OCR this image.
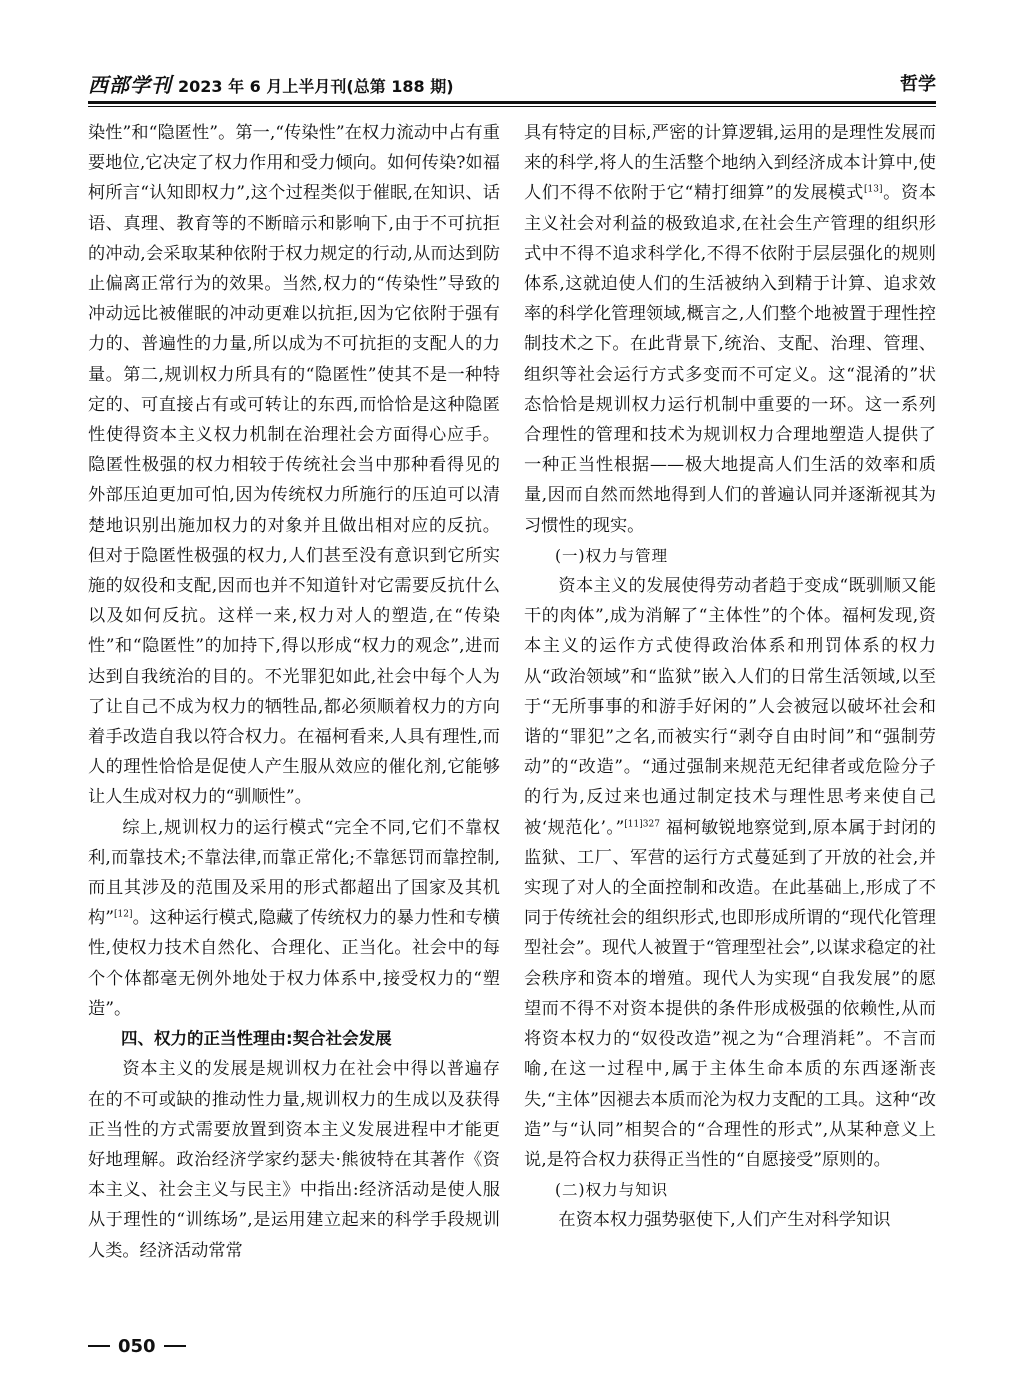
西部学刊 2023 年 6 月上半月刊(总第 188 期)	哲学

染性”和“隐匿性”。第一,“传染性”在权力流动中占有重要地位,它决定了权力作用和受力倾向。如何传染?如福柯所言“认知即权力”,这个过程类似于催眠,在知识、话语、真理、教育等的不断暗示和影响下,由于不可抗拒的冲动,会采取某种依附于权力规定的行动,从而达到防止偏离正常行为的效果。当然,权力的“传染性”导致的冲动远比被催眠的冲动更难以抗拒,因为它依附于强有力的、普遍性的力量,所以成为不可抗拒的支配人的力量。第二,规训权力所具有的“隐匿性”使其不是一种特定的、可直接占有或可转让的东西,而恰恰是这种隐匿性使得资本主义权力机制在治理社会方面得心应手。隐匿性极强的权力相较于传统社会当中那种看得见的外部压迫更加可怕,因为传统权力所施行的压迫可以清楚地识别出施加权力的对象并且做出相对应的反抗。但对于隐匿性极强的权力,人们甚至没有意识到它所实施的奴役和支配,因而也并不知道针对它需要反抗什么以及如何反抗。这样一来,权力对人的塑造,在“传染性”和“隐匿性”的加持下,得以形成“权力的观念”,进而达到自我统治的目的。不光罪犯如此,社会中每个人为了让自己不成为权力的牺牲品,都必须顺着权力的方向着手改造自我以符合权力。在福柯看来,人具有理性,而人的理性恰恰是促使人产生服从效应的催化剂,它能够让人生成对权力的“驯顺性”。

综上,规训权力的运行模式“完全不同,它们不靠权利,而靠技术;不靠法律,而靠正常化;不靠惩罚而靠控制,而且其涉及的范围及采用的形式都超出了国家及其机构”[12]。这种运行模式,隐藏了传统权力的暴力性和专横性,使权力技术自然化、合理化、正当化。社会中的每个个体都毫无例外地处于权力体系中,接受权力的“塑造”。

四、权力的正当性理由:契合社会发展

资本主义的发展是规训权力在社会中得以普遍存在的不可或缺的推动性力量,规训权力的生成以及获得正当性的方式需要放置到资本主义发展进程中才能更好地理解。政治经济学家约瑟夫·熊彼特在其著作《资本主义、社会主义与民主》中指出:经济活动是使人服从于理性的“训练场”,是运用建立起来的科学手段规训人类。经济活动常常

具有特定的目标,严密的计算逻辑,运用的是理性发展而来的科学,将人的生活整个地纳入到经济成本计算中,使人们不得不依附于它“精打细算”的发展模式[13]。资本主义社会对利益的极致追求,在社会生产管理的组织形式中不得不追求科学化,不得不依附于层层强化的规则体系,这就迫使人们的生活被纳入到精于计算、追求效率的科学化管理领域,概言之,人们整个地被置于理性控制技术之下。在此背景下,统治、支配、治理、管理、组织等社会运行方式多变而不可定义。这“混淆的”状态恰恰是规训权力运行机制中重要的一环。这一系列合理性的管理和技术为规训权力合理地塑造人提供了一种正当性根据——极大地提高人们生活的效率和质量,因而自然而然地得到人们的普遍认同并逐渐视其为习惯性的现实。

(一)权力与管理

资本主义的发展使得劳动者趋于变成“既驯顺又能干的肉体”,成为消解了“主体性”的个体。福柯发现,资本主义的运作方式使得政治体系和刑罚体系的权力从“政治领域”和“监狱”嵌入人们的日常生活领域,以至于“无所事事的和游手好闲的”人会被冠以破坏社会和谐的“罪犯”之名,而被实行“剥夺自由时间”和“强制劳动”的“改造”。“通过强制来规范无纪律者或危险分子的行为,反过来也通过制定技术与理性思考来使自己被‘规范化’。”$^{[11]327}$ 福柯敏锐地察觉到,原本属于封闭的监狱、工厂、军营的运行方式蔓延到了开放的社会,并实现了对人的全面控制和改造。在此基础上,形成了不同于传统社会的组织形式,也即形成所谓的“现代化管理型社会”。现代人被置于“管理型社会”,以谋求稳定的社会秩序和资本的增殖。现代人为实现“自我发展”的愿望而不得不对资本提供的条件形成极强的依赖性,从而将资本权力的“奴役改造”视之为“合理消耗”。不言而喻,在这一过程中,属于主体生命本质的东西逐渐丧失,“主体”因褪去本质而沦为权力支配的工具。这种“改造”与“认同”相契合的“合理性的形式”,从某种意义上说,是符合权力获得正当性的“自愿接受”原则的。

(二)权力与知识

在资本权力强势驱使下,人们产生对科学知识

050
